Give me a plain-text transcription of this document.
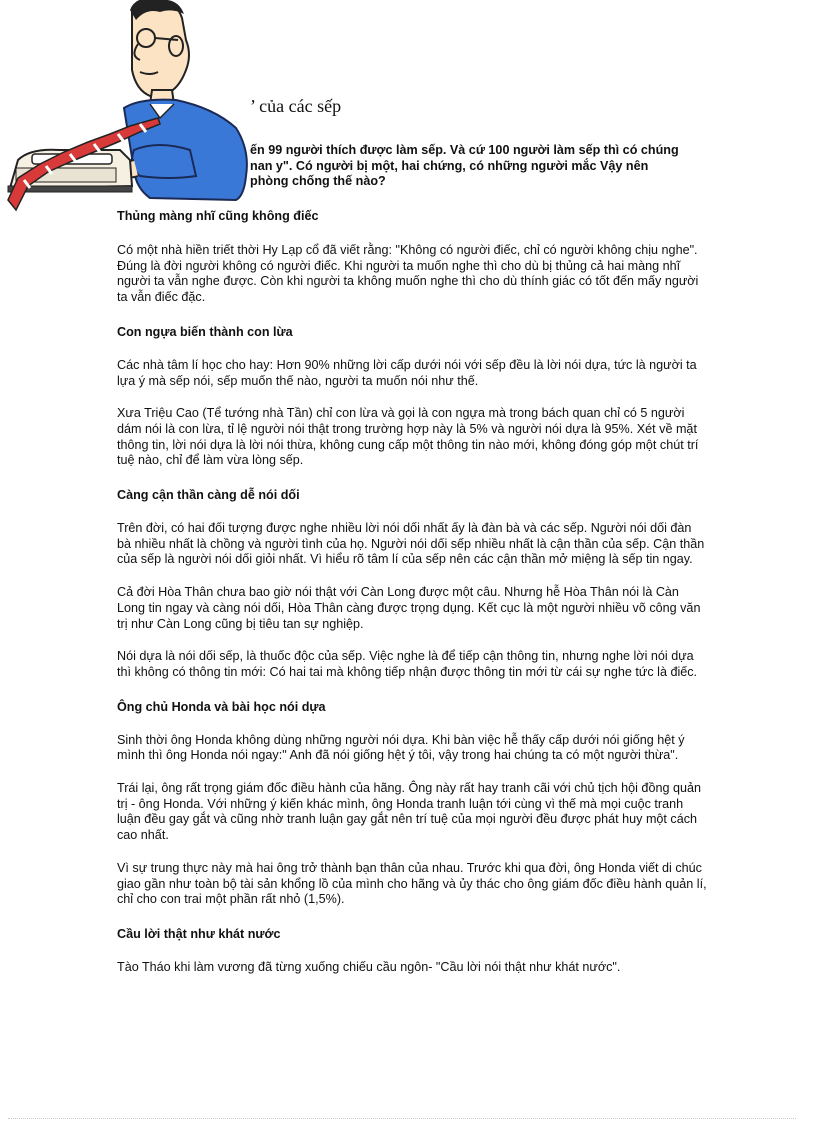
’ của các sếp

ến 99 người thích được làm sếp. Và cứ 100 người làm sếp thì có chúng nan y". Có người bị một, hai chứng, có những người mắc Vậy nên phòng chống thế nào?

Thủng màng nhĩ cũng không điếc

Có một nhà hiền triết thời Hy Lạp cổ đã viết rằng: "Không có người điếc, chỉ có người không chịu nghe". Đúng là đời người không có người điếc. Khi người ta muốn nghe thì cho dù bị thủng cả hai màng nhĩ người ta vẫn nghe được. Còn khi người ta không muốn nghe thì cho dù thính giác có tốt đến mấy người ta vẫn điếc đặc.

Con ngựa biến thành con lừa

Các nhà tâm lí học cho hay: Hơn 90% những lời cấp dưới nói với sếp đều là lời nói dựa, tức là người ta lựa ý mà sếp nói, sếp muốn thế nào, người ta muốn nói như thế.

Xưa Triệu Cao (Tể tướng nhà Tần) chỉ con lừa và gọi là con ngựa mà trong bách quan chỉ có 5 người dám nói là con lừa, tỉ lệ người nói thật trong trường hợp này là 5% và người nói dựa là 95%. Xét về mặt thông tin, lời nói dựa là lời nói thừa, không cung cấp một thông tin nào mới, không đóng góp một chút trí tuệ nào, chỉ để làm vừa lòng sếp.

Càng cận thần càng dễ nói dối

Trên đời, có hai đối tượng được nghe nhiều lời nói dối nhất ấy là đàn bà và các sếp. Người nói dối đàn bà nhiều nhất là chồng và người tình của họ. Người nói dối sếp nhiều nhất là cận thần của sếp. Cận thần của sếp là người nói dối giỏi nhất. Vì hiểu rõ tâm lí của sếp nên các cận thần mở miệng là sếp tin ngay.

Cả đời Hòa Thân chưa bao giờ nói thật với Càn Long được một câu. Nhưng hễ Hòa Thân nói là Càn Long tin ngay và càng nói dối, Hòa Thân càng được trọng dụng. Kết cục là một người nhiều võ công văn trị như Càn Long cũng bị tiêu tan sự nghiệp.

Nói dựa là nói dối sếp, là thuốc độc của sếp. Việc nghe là để tiếp cận thông tin, nhưng nghe lời nói dựa thì không có thông tin mới: Có hai tai mà không tiếp nhận được thông tin mới từ cái sự nghe tức là điếc.

Ông chủ Honda và bài học nói dựa

Sinh thời ông Honda không dùng những người nói dựa. Khi bàn việc hễ thấy cấp dưới nói giống hệt ý mình thì ông Honda nói ngay:" Anh đã nói giống hệt ý tôi, vậy trong hai chúng ta có một người thừa".

Trái lại, ông rất trọng giám đốc điều hành của hãng. Ông này rất hay tranh cãi với chủ tịch hội đồng quản trị - ông Honda. Với những ý kiến khác mình, ông Honda tranh luận tới cùng vì thế mà mọi cuộc tranh luận đều gay gắt và cũng nhờ tranh luận gay gắt nên trí tuệ của mọi người đều được phát huy một cách cao nhất.

Vì sự trung thực này mà hai ông trở thành bạn thân của nhau. Trước khi qua đời, ông Honda viết di chúc giao gần như toàn bộ tài sản khổng lồ của mình cho hãng và ủy thác cho ông giám đốc điều hành quản lí, chỉ cho con trai một phần rất nhỏ (1,5%).

Cầu lời thật như khát nước

Tào Tháo khi làm vương đã từng xuống chiếu cầu ngôn- "Cầu lời nói thật như khát nước".
